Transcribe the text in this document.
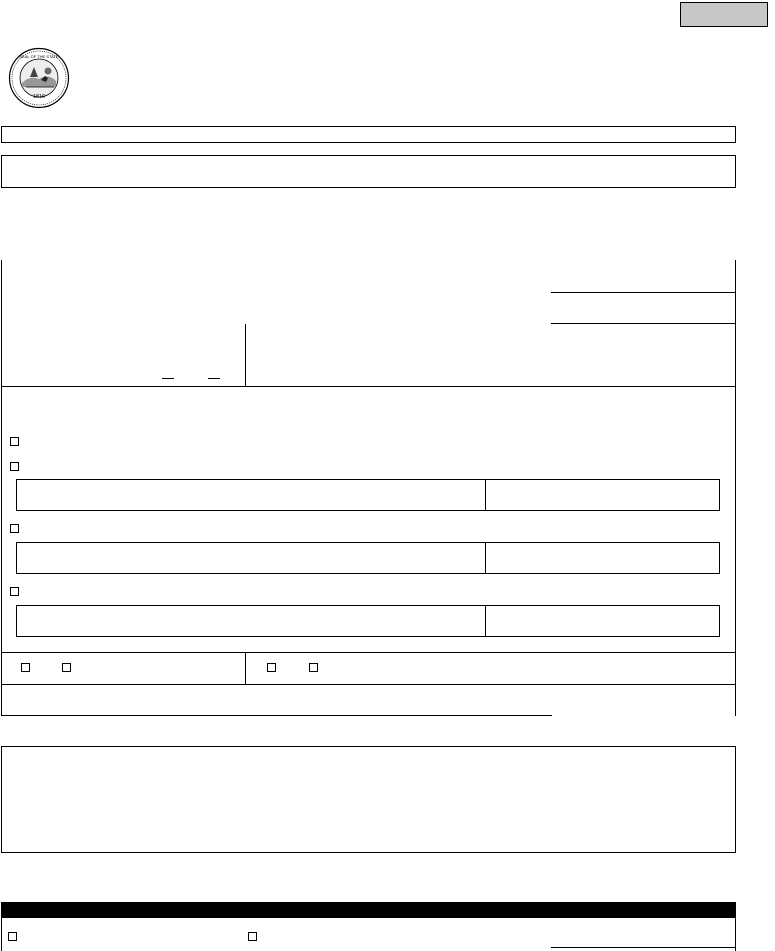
1816
SEAL OF THE STATE
